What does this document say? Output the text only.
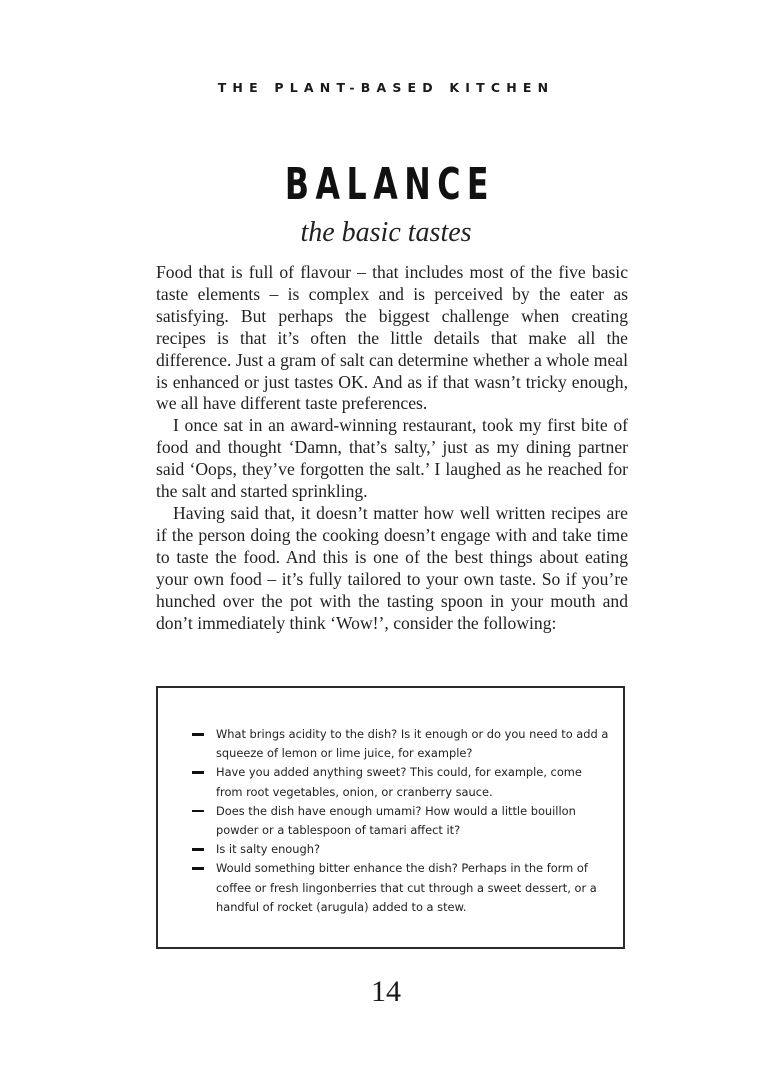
THE PLANT-BASED KITCHEN
BALANCE
the basic tastes

Food that is full of flavour – that includes most of the five basic taste elements – is complex and is perceived by the eater as satisfying. But perhaps the biggest challenge when creating recipes is that it’s often the little details that make all the difference. Just a gram of salt can determine whether a whole meal is enhanced or just tastes OK. And as if that wasn’t tricky enough, we all have different taste preferences.

I once sat in an award-winning restaurant, took my first bite of food and thought ‘Damn, that’s salty,’ just as my dining partner said ‘Oops, they’ve forgotten the salt.’ I laughed as he reached for the salt and started sprinkling.

Having said that, it doesn’t matter how well written recipes are if the person doing the cooking doesn’t engage with and take time to taste the food. And this is one of the best things about eating your own food – it’s fully tailored to your own taste. So if you’re hunched over the pot with the tasting spoon in your mouth and don’t immediately think ‘Wow!’, consider the following:

What brings acidity to the dish? Is it enough or do you need to add a squeeze of lemon or lime juice, for example?
Have you added anything sweet? This could, for example, come from root vegetables, onion, or cranberry sauce.
Does the dish have enough umami? How would a little bouillon powder or a tablespoon of tamari affect it?
Is it salty enough?
Would something bitter enhance the dish? Perhaps in the form of coffee or fresh lingonberries that cut through a sweet dessert, or a handful of rocket (arugula) added to a stew.
14
